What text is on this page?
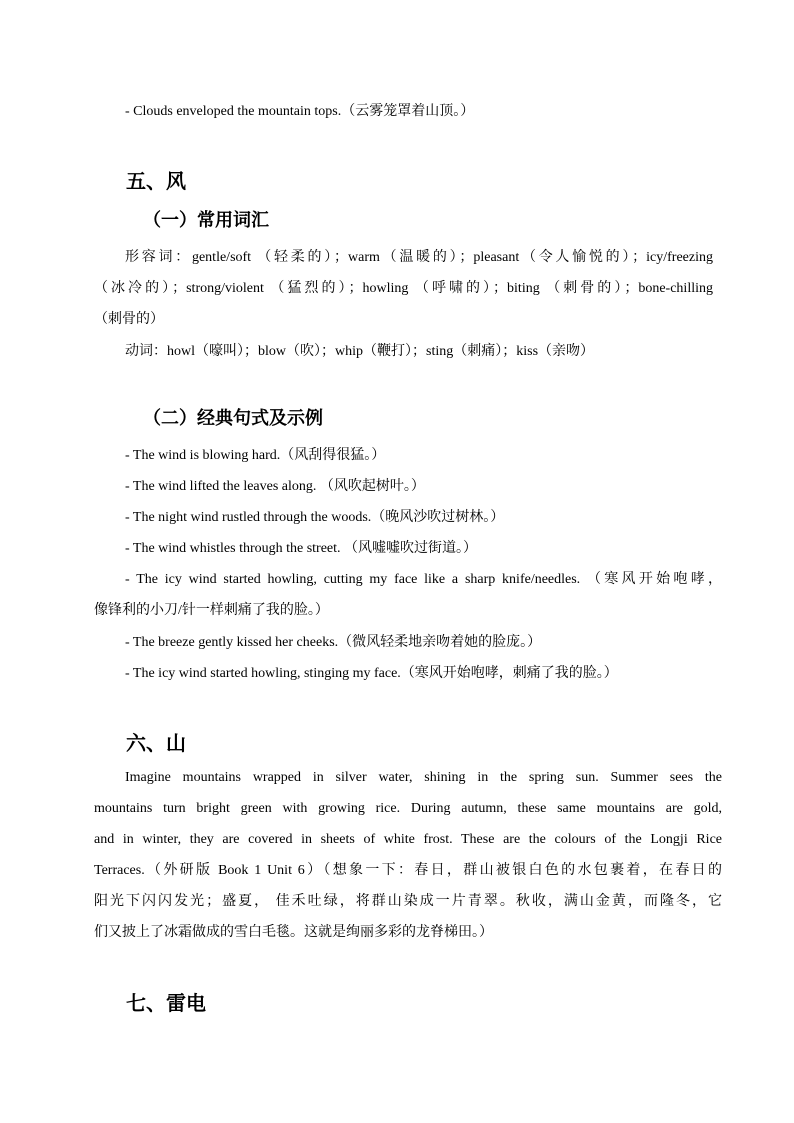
- Clouds enveloped the mountain tops.（云雾笼罩着山顶。）
五、风
（一）常用词汇
形容词：gentle/soft （轻柔的）；warm（温暖的）；pleasant（令人愉悦的）；icy/freezing
（冰冷的）；strong/violent （猛烈的）；howling （呼啸的）；biting （刺骨的）；bone-chilling
（刺骨的）
动词：howl（嚎叫）；blow（吹）；whip（鞭打）；sting（刺痛）；kiss（亲吻）
（二）经典句式及示例
- The wind is blowing hard.（风刮得很猛。）
- The wind lifted the leaves along. （风吹起树叶。）
- The night wind rustled through the woods.（晚风沙吹过树林。）
- The wind whistles through the street. （风嘘嘘吹过街道。）
- The icy wind started howling, cutting my face like a sharp knife/needles. （寒风开始咆哮，
像锋利的小刀/针一样刺痛了我的脸。）
- The breeze gently kissed her cheeks.（微风轻柔地亲吻着她的脸庞。）
- The icy wind started howling, stinging my face.（寒风开始咆哮，刺痛了我的脸。）
六、山
Imagine mountains wrapped in silver water, shining in the spring sun. Summer sees the
mountains turn bright green with growing rice. During autumn, these same mountains are gold,
and in winter, they are covered in sheets of white frost. These are the colours of the Longji Rice
Terraces.（外研版 Book 1 Unit 6）（想象一下：春日，群山被银白色的水包裹着，在春日的
阳光下闪闪发光；盛夏， 佳禾吐绿，将群山染成一片青翠。秋收，满山金黄，而隆冬，它
们又披上了冰霜做成的雪白毛毯。这就是绚丽多彩的龙脊梯田。）
七、雷电
